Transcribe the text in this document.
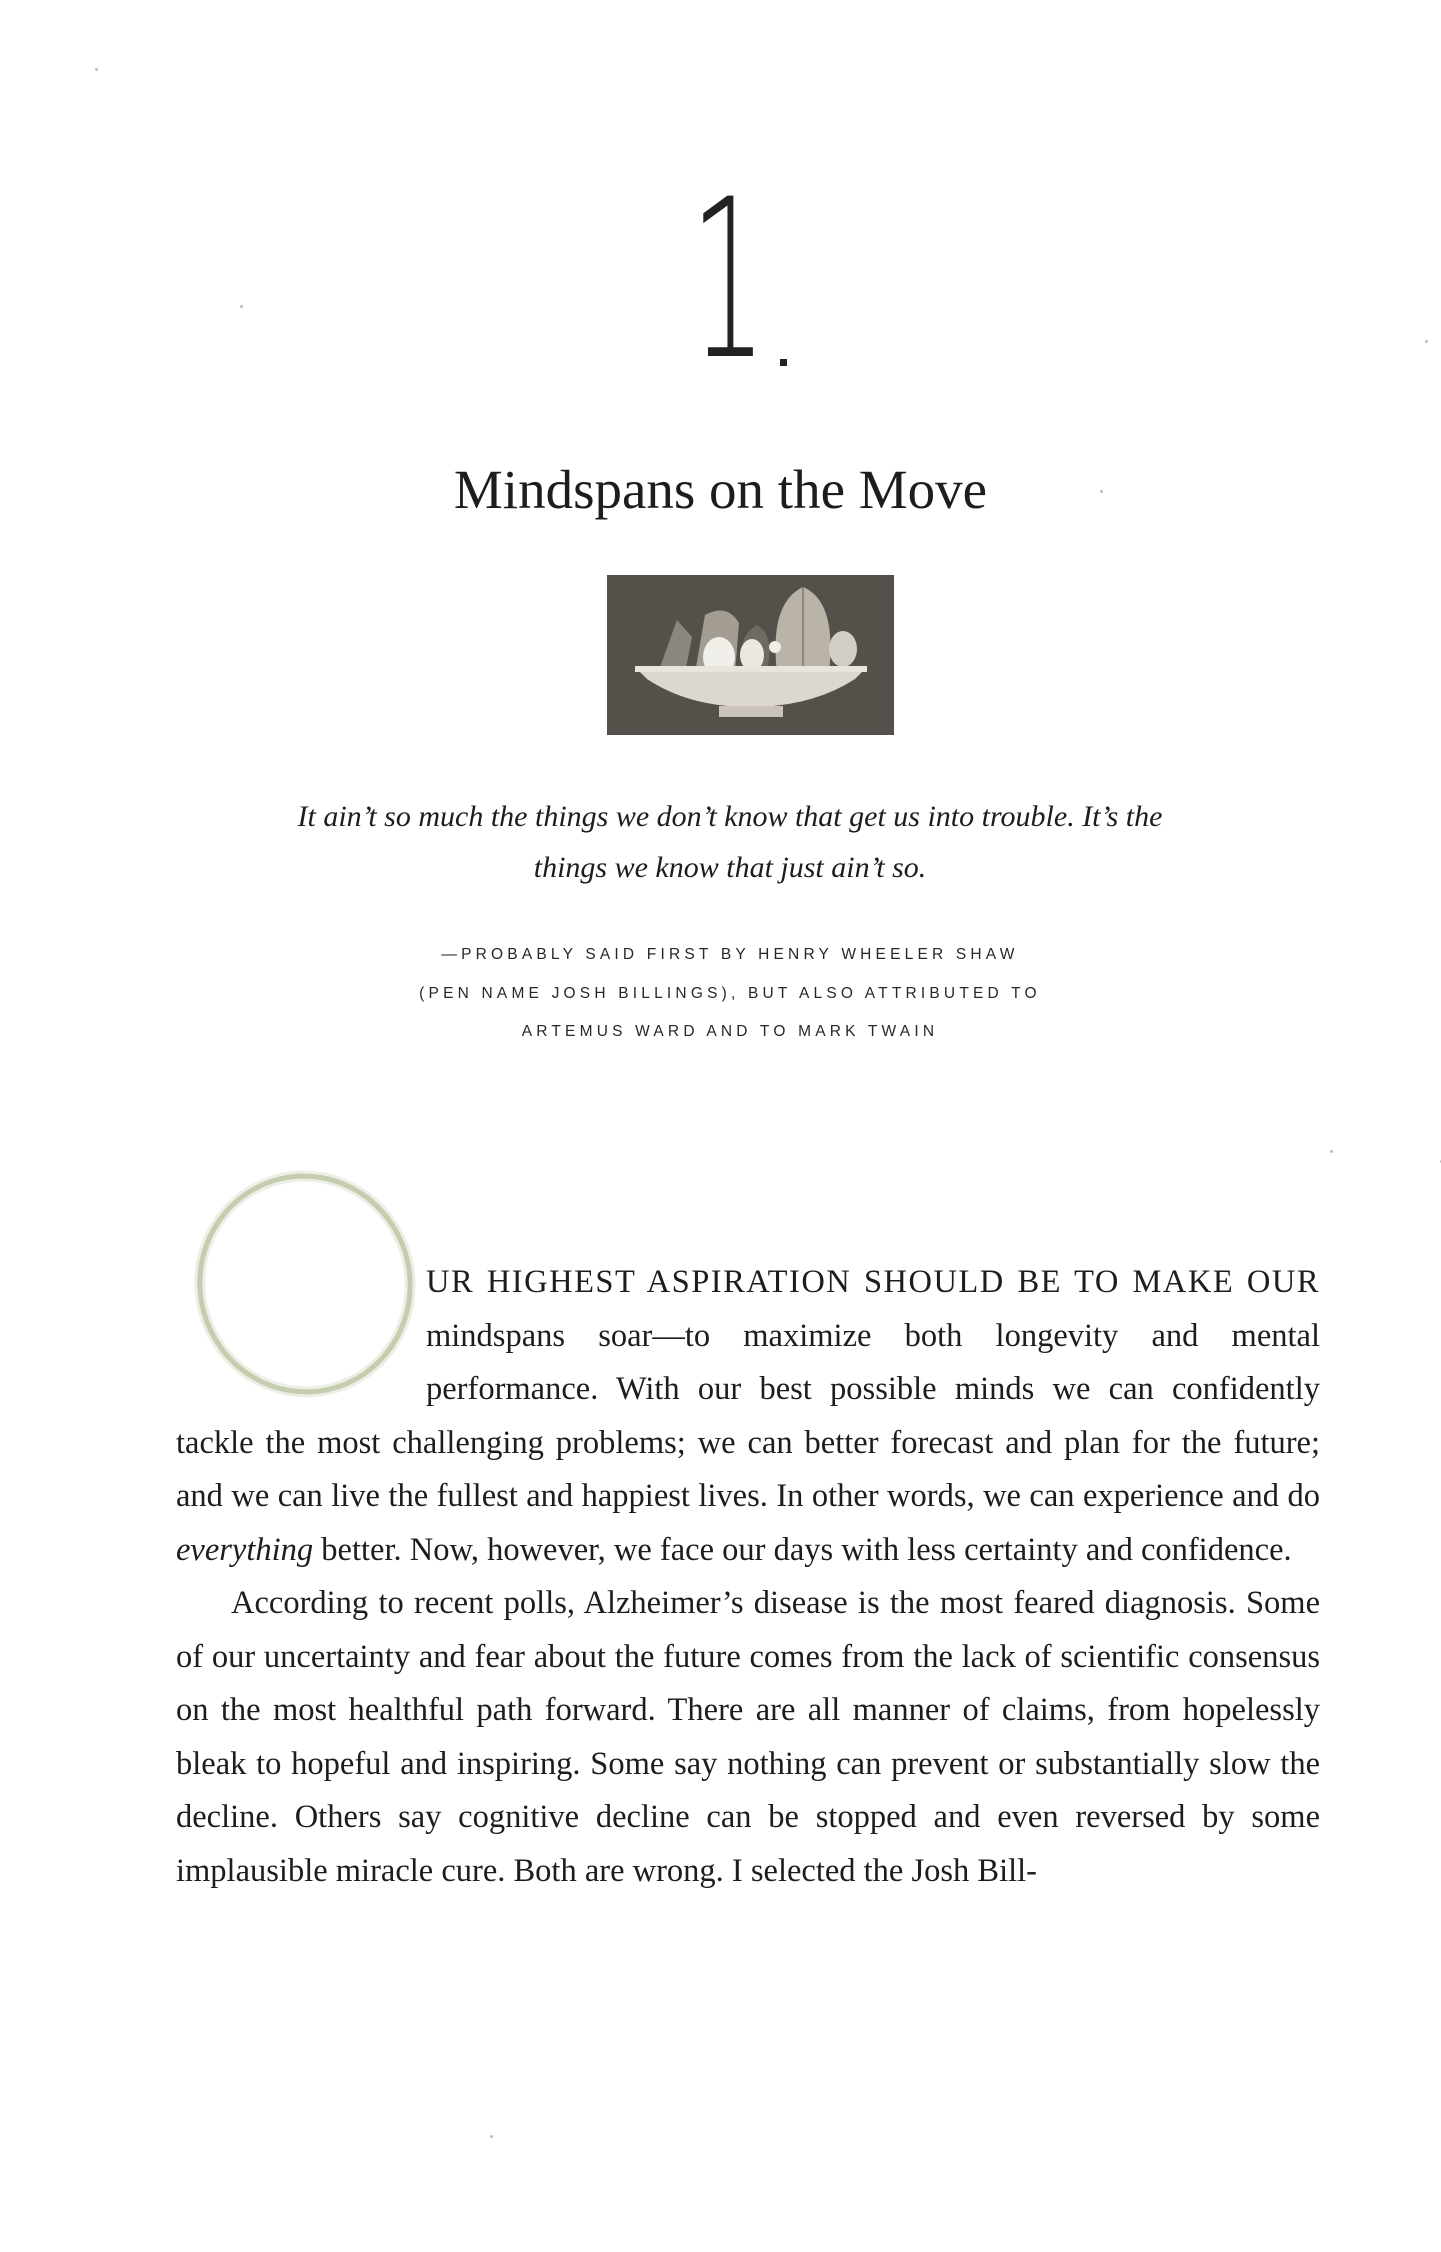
1
Mindspans on the Move
It ain’t so much the things we don’t know that get us into trouble. It’s the
things we know that just ain’t so.
—PROBABLY SAID FIRST BY HENRY WHEELER SHAW
(PEN NAME JOSH BILLINGS), BUT ALSO ATTRIBUTED TO
ARTEMUS WARD AND TO MARK TWAIN

UR HIGHEST ASPIRATION SHOULD BE TO MAKE OUR mindspans soar—to maximize both longevity and mental performance. With our best possible minds we can confidently tackle the most challenging problems; we can better forecast and plan for the future; and we can live the fullest and happiest lives. In other words, we can experience and do everything better. Now, however, we face our days with less certainty and confidence.

According to recent polls, Alzheimer’s disease is the most feared diagnosis. Some of our uncertainty and fear about the future comes from the lack of scientific consensus on the most healthful path forward. There are all manner of claims, from hopelessly bleak to hopeful and inspiring. Some say nothing can prevent or substantially slow the decline. Others say cognitive decline can be stopped and even reversed by some implausible miracle cure. Both are wrong. I selected the Josh Bill-
